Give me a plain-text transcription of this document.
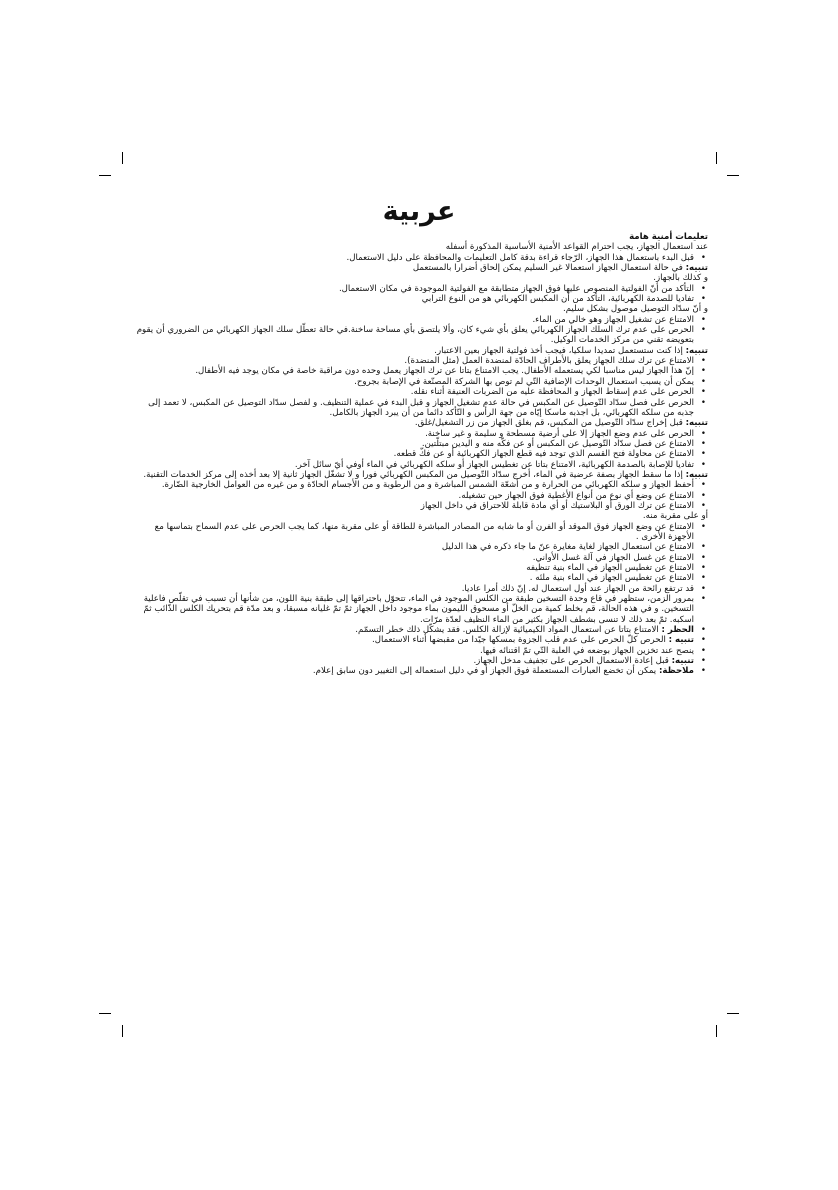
عربية

تعليمات أمنية هامة

عند استعمال الجهاز، يجب احترام القواعد الأمنية الأساسية المذكورة أسفله

• قبل البدء باستعمال هذا الجهاز، الرّجاء قراءة بدقة كامل التعليمات والمحافظة على دليل الاستعمال.

تنبيه: في حالة استعمال الجهاز استعمالا غير السليم يمكن إلحاق أضرارا بالمستعمل

و كذلك بالجهاز.

• التأكد من أنّ الفولتية المنصوص عليها فوق الجهاز متطابقة مع الفولتية الموجودة في مكان الاستعمال.
• تفاديا للصدمة الكهربائية، التأكد من أن المكبس الكهربائي هو من النوع الترابي

و أنّ سدّاد التوصيل موصول بشكل سليم.

• الامتناع عن تشغيل الجهاز وهو خالي من الماء.
• الحرص على عدم ترك السلك الجهاز الكهربائي يعلق بأي شيء كان، وألا يلتصق بأي مساحة ساخنة.في حالة تعطّل سلك الجهاز الكهربائي من الضروري أن يقوم بتعويضه تقني من مركز الخدمات الوكيل.

تنبيه: إذا كنت ستستعمل تمديدا سلكيا، فيجب أخذ فولتية الجهاز بعين الاعتبار.

• الامتناع عن ترك سلك الجهاز يعلق بالأطراف الحادّة لمنضدة العمل (مثل المنضدة).
• إنّ هذا الجهاز ليس مناسبا لكي يستعمله الأطفال. يجب الامتناع بتاتا عن ترك الجهاز يعمل وحده دون مراقبة خاصة في مكان يوجد فيه الأطفال.
• يمكن أن يسبب استعمال الوحدات الإضافية التّي لم توص بها الشركة المصنّعة في الإصابة بجروح.
• الحرص على عدم إسقاط الجهاز و المحافظة عليه من الضربات العنيفة أثناء نقله.
• الحرص على فصل سدّاد التّوصيل عن المكبس في حالة عدم تشغيل الجهاز و قبل البدء في عملية التنظيف. و لفصل سدّاد التوصيل عن المكبس، لا تعمد إلى جذبه من سلكه الكهربائي، بل اجذبه ماسكا إيّاه من جهة الرأس و التّأكد دائما من أن يبرد الجهاز بالكامل.

تنبيه: قبل إخراج سدّاد التّوصيل من المكبس، قم بغلق الجهاز من زر التشغيل/غلق.

• الحرص على عدم وضع الجهاز إلا على أرضية مسطحة و سليمة و غير ساخنة.
• الامتناع عن فصل سدّاد التّوصيل عن المكبس أو عن فكّه منه و اليدين مبتلّتين.
• الامتناع عن محاولة فتح القسم الذي توجد فيه قطع الجهاز الكهربائية أو عن فكّ قطعه.
• تفاديا للإصابة بالصدمة الكهربائية، الامتناع بتاتا عن تغطيس الجهاز أو سلكه الكهربائي في الماء أوفي أيّ سائل آخر.

تنبيه: إذا ما سقط الجهاز بصفة عرضية في الماء، أخرج سدّاد التّوصيل من المكبس الكهربائي فورا و لا تشغّل الجهاز ثانية إلا بعد أخذه إلى مركز الخدمات التقنية.

• أحفظ الجهاز و سلكه الكهربائي من الحرارة و من أشعّة الشمس المباشرة و من الرطوبة و من الأجسام الحادّة و من غيره من العوامل الخارجية الضّارة.
• الامتناع عن وضع أي نوع من أنواع الأغطية فوق الجهاز حين تشغيله.
• الامتناع عن ترك الورق أو البلاستيك أو أي مادة قابلة للاحتراق في داخل الجهاز

أو على مقربة منه.

• الامتناع عن وضع الجهاز فوق الموقد أو الفرن أو ما شابه من المصادر المباشرة للطاقة أو على مقربة منها، كما يجب الحرص على عدم السماح بتماسها مع الأجهزة الأخرى .
• الامتناع عن استعمال الجهاز لغاية مغايرة عنّ ما جاء ذكره في هذا الدليل
• الامتناع عن غسل الجهاز في آلة غسل الأواني.
• الامتناع عن تغطيس الجهاز في الماء بنية تنظيفه
• الامتناع عن تغطيس الجهاز في الماء بنية ملئه .
• قد ترتفع رائحة من الجهاز عند أول استعمال له. إنّ ذلك أمرا عاديا.
• بمرور الزمن، ستظهر في قاع وحدة التسخين طبقة من الكلس الموجود في الماء، تتحوّل باحتراقها إلى طبقة بنية اللون، من شأنها أن تسبب في تقلّص فاعلية التسخين. و في هذه الحالة، قم بخلط كمية من الخلّ أو مسحوق الليمون بماء موجود داخل الجهاز ثمّ تمّ غليانه مسبقا، و بعد مدّة قم بتحريك الكلس الذّائب ثمّ اسكبه. ثمّ بعد ذلك لا تنسى بشطف الجهاز بكثير من الماء النظيف لعدّة مرّات.
• الحظر : الامتناع بتاتا عن استعمال المواد الكيميائية لإزالة الكلس. فقد يشكّل ذلك خطر التسمّم.
• تنبيه : الحرص كلّ الحرص على عدم قلب الجزوة بمسكها جيّدا من مقبضها أثناء الاستعمال.
• ينصح عند تخزين الجهاز بوضعه في العلبة التّي تمّ اقتنائه فيها.
• تنبيه: قبل إعادة الاستعمال الحرص على تجفيف مدخل الجهاز.
• ملاحظة: يمكن أن تخضع العبارات المستعملة فوق الجهاز أو في دليل استعماله إلى التغيير دون سابق إعلام.
